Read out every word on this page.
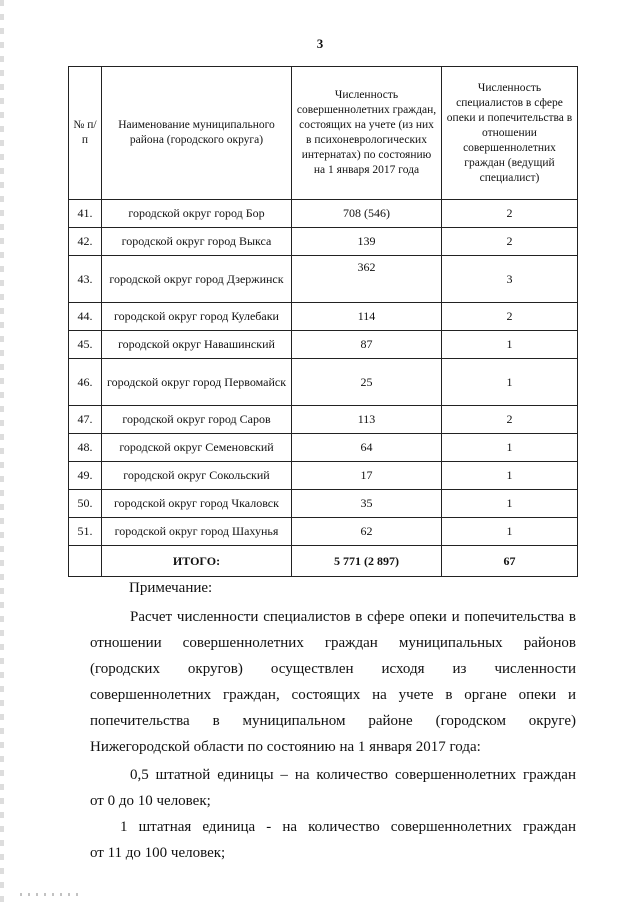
3
№ п/п	Наименование муниципального района (городского округа)	Численность совершеннолетних граждан, состоящих на учете (из них в психоневрологических интернатах) по состоянию на 1 января 2017 года	Численность специалистов в сфере опеки и попечительства в отношении совершеннолетних граждан (ведущий специалист)
41.	городской округ город Бор	708 (546)	2
42.	городской округ город Выкса	139	2
43.	городской округ город Дзержинск	362	3
44.	городской округ город Кулебаки	114	2
45.	городской округ Навашинский	87	1
46.	городской округ город Первомайск	25	1
47.	городской округ город Саров	113	2
48.	городской округ Семеновский	64	1
49.	городской округ Сокольский	17	1
50.	городской округ город Чкаловск	35	1
51.	городской округ город Шахунья	62	1
	ИТОГО:	5 771 (2 897)	67
Примечание:
Расчет численности специалистов в сфере опеки и попечительства в
отношении совершеннолетних граждан муниципальных районов
(городских округов) осуществлен исходя из численности
совершеннолетних граждан, состоящих на учете в органе опеки и
попечительства в муниципальном районе (городском округе)
Нижегородской области по состоянию на 1 января 2017 года:
0,5 штатной единицы – на количество совершеннолетних граждан
от 0 до 10 человек;
1 штатная единица - на количество совершеннолетних граждан
от 11 до 100 человек;
